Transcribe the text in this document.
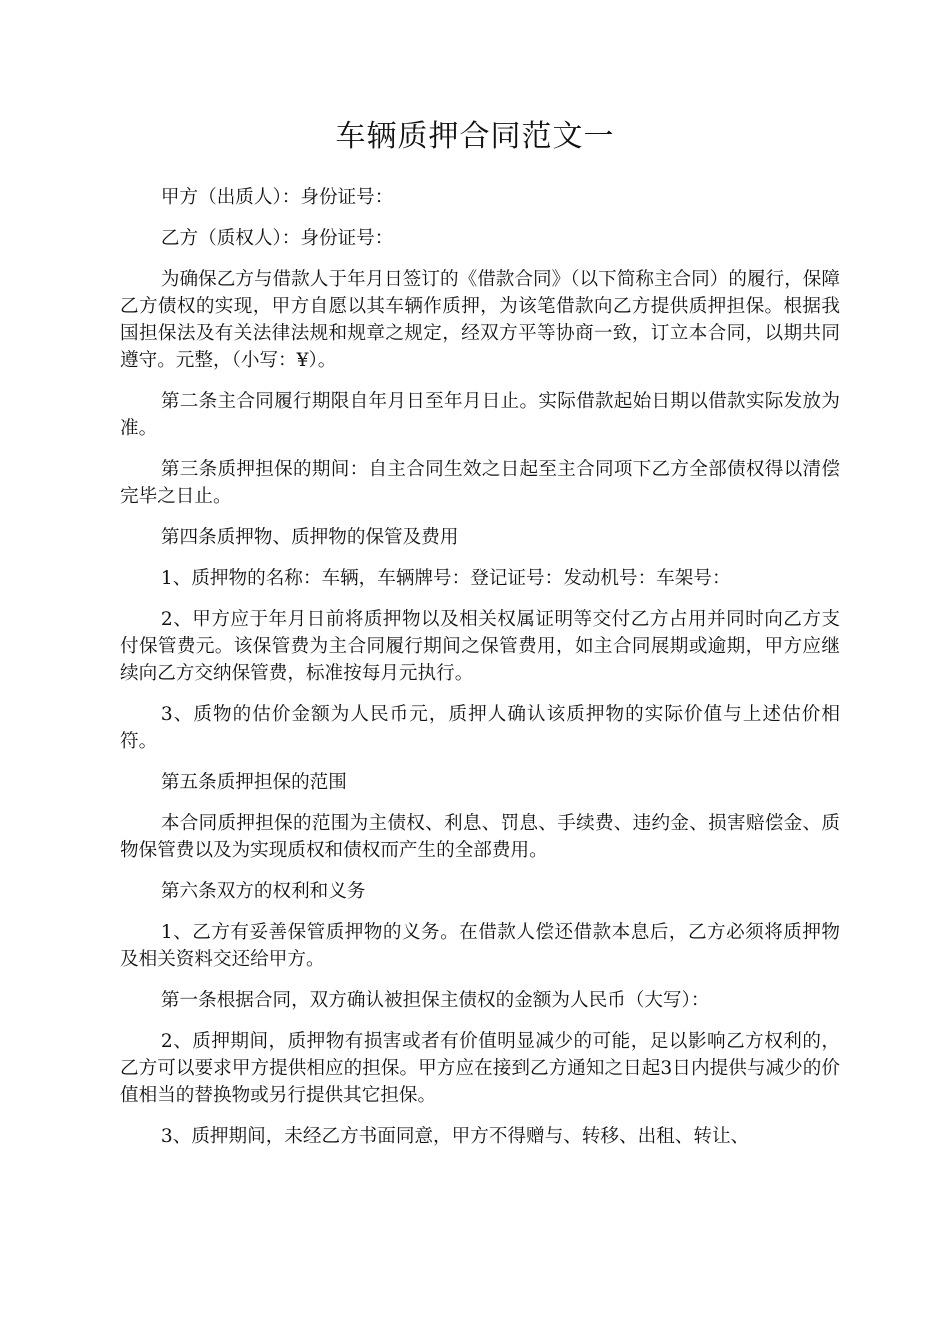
车辆质押合同范文一

甲方（出质人）：身份证号：

乙方（质权人）：身份证号：

为确保乙方与借款人于年月日签订的《借款合同》（以下简称主合同）的履行，保障乙方债权的实现，甲方自愿以其车辆作质押，为该笔借款向乙方提供质押担保。根据我国担保法及有关法律法规和规章之规定，经双方平等协商一致，订立本合同，以期共同遵守。元整，（小写：¥）。

第二条主合同履行期限自年月日至年月日止。实际借款起始日期以借款实际发放为准。

第三条质押担保的期间：自主合同生效之日起至主合同项下乙方全部债权得以清偿完毕之日止。

第四条质押物、质押物的保管及费用

1、质押物的名称：车辆，车辆牌号：登记证号：发动机号：车架号：

2、甲方应于年月日前将质押物以及相关权属证明等交付乙方占用并同时向乙方支付保管费元。该保管费为主合同履行期间之保管费用，如主合同展期或逾期，甲方应继续向乙方交纳保管费，标准按每月元执行。

3、质物的估价金额为人民币元，质押人确认该质押物的实际价值与上述估价相符。

第五条质押担保的范围

本合同质押担保的范围为主债权、利息、罚息、手续费、违约金、损害赔偿金、质物保管费以及为实现质权和债权而产生的全部费用。

第六条双方的权利和义务

1、乙方有妥善保管质押物的义务。在借款人偿还借款本息后，乙方必须将质押物及相关资料交还给甲方。

第一条根据合同，双方确认被担保主债权的金额为人民币（大写）：

2、质押期间，质押物有损害或者有价值明显减少的可能，足以影响乙方权利的，乙方可以要求甲方提供相应的担保。甲方应在接到乙方通知之日起3日内提供与减少的价值相当的替换物或另行提供其它担保。

3、质押期间，未经乙方书面同意，甲方不得赠与、转移、出租、转让、
